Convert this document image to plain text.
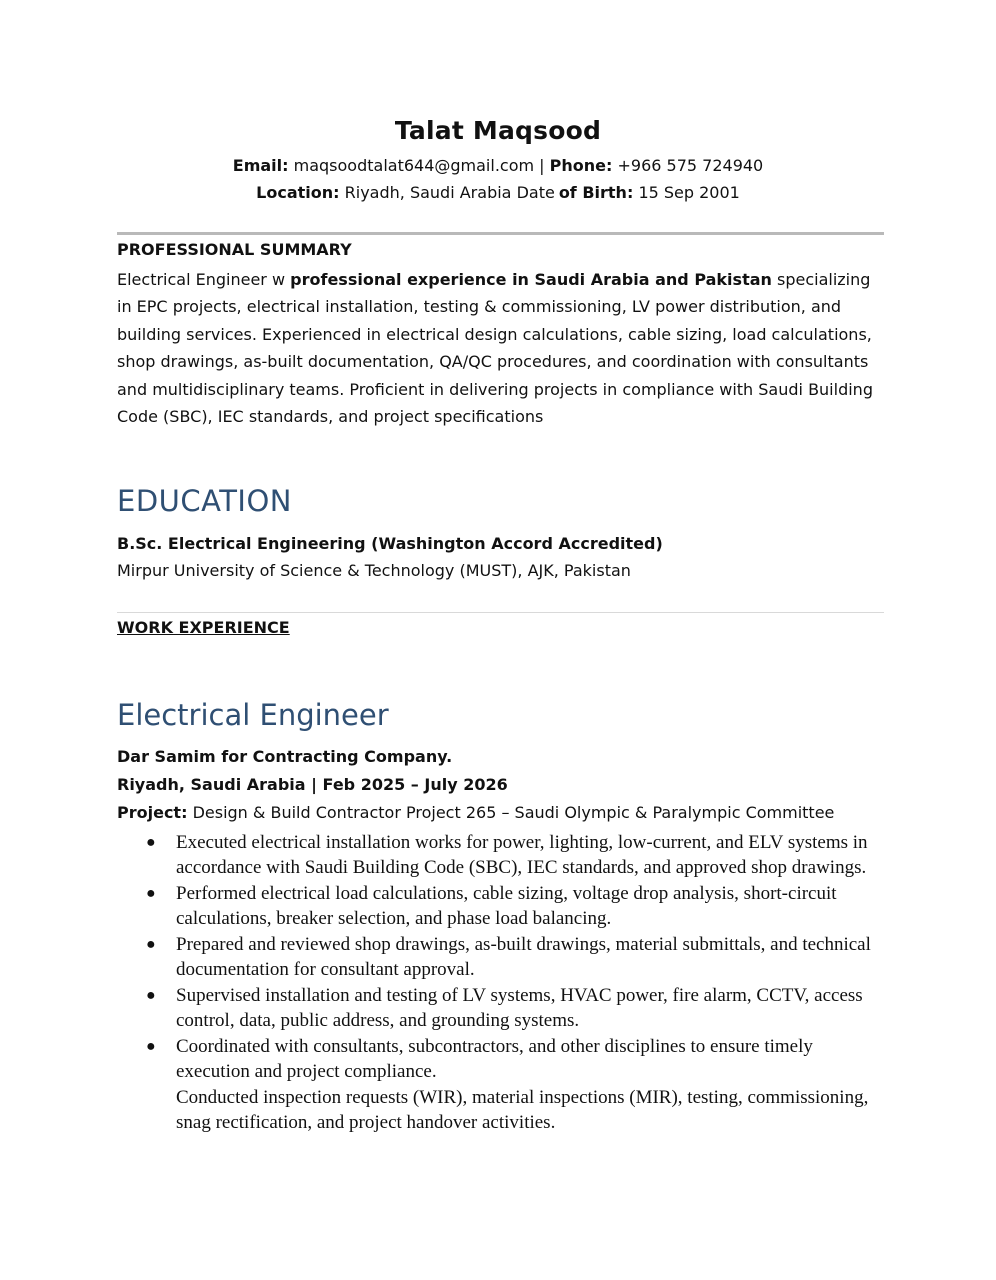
Talat Maqsood
Email: maqsoodtalat644@gmail.com | Phone: +966 575 724940
Location: Riyadh, Saudi Arabia Date of Birth: 15 Sep 2001
PROFESSIONAL SUMMARY
Electrical Engineer w professional experience in Saudi Arabia and Pakistan specializing in EPC projects, electrical installation, testing & commissioning, LV power distribution, and building services. Experienced in electrical design calculations, cable sizing, load calculations, shop drawings, as-built documentation, QA/QC procedures, and coordination with consultants and multidisciplinary teams. Proficient in delivering projects in compliance with Saudi Building Code (SBC), IEC standards, and project specifications
EDUCATION
B.Sc. Electrical Engineering (Washington Accord Accredited)
Mirpur University of Science & Technology (MUST), AJK, Pakistan
WORK EXPERIENCE
Electrical Engineer
Dar Samim for Contracting Company.
Riyadh, Saudi Arabia | Feb 2025 – July 2026
Project: Design & Build Contractor Project 265 – Saudi Olympic & Paralympic Committee
● Executed electrical installation works for power, lighting, low-current, and ELV systems in accordance with Saudi Building Code (SBC), IEC standards, and approved shop drawings.
● Performed electrical load calculations, cable sizing, voltage drop analysis, short-circuit calculations, breaker selection, and phase load balancing.
● Prepared and reviewed shop drawings, as-built drawings, material submittals, and technical documentation for consultant approval.
● Supervised installation and testing of LV systems, HVAC power, fire alarm, CCTV, access control, data, public address, and grounding systems.
● Coordinated with consultants, subcontractors, and other disciplines to ensure timely execution and project compliance.
Conducted inspection requests (WIR), material inspections (MIR), testing, commissioning, snag rectification, and project handover activities.
